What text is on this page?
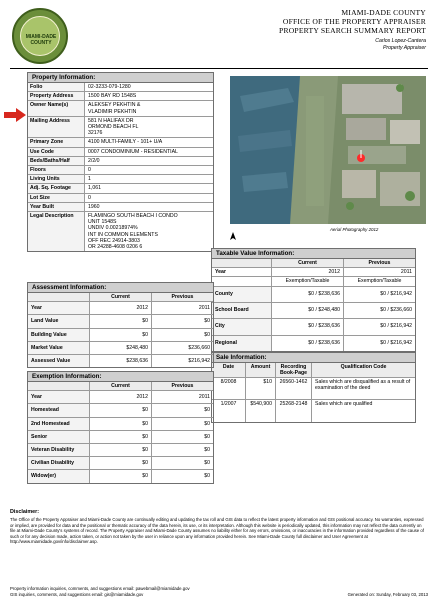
MIAMI-DADE
COUNTY
MIAMI-DADE COUNTY
OFFICE OF THE PROPERTY APPRAISER
PROPERTY SEARCH SUMMARY REPORT
Carlos Lopez-Cantera
Property Appraiser
Property Information:
Folio	02-3233-079-1280
Property Address	1500 BAY RD 1548S
Owner Name(s)	ALEKSEY PEKHTIN &
VLADIMIR PEKHTIN
Mailing Address	581 N HALIFAX DR
ORMOND BEACH FL
32176
Primary Zone	4100 MULTI-FAMILY - 101+ U/A
Use Code	0007 CONDOMINIUM - RESIDENTIAL
Beds/Baths/Half	2/2/0
Floors	0
Living Units	1
Adj. Sq. Footage	1,061
Lot Size	0
Year Built	1960
Legal Description	FLAMINGO SOUTH BEACH I CONDO
UNIT 1548S
UNDIV 0.00218974%
INT IN COMMON ELEMENTS
OFF REC 24914-3803
OR 24288-4608 0206 6
Aerial Photography 2012
Taxable Value Information:
Current	Previous
Year	2012	2011
Exemption/Taxable	Exemption/Taxable
County	$0 / $238,636	$0 / $216,942
School Board	$0 / $248,480	$0 / $236,660
City	$0 / $238,636	$0 / $216,942
Regional	$0 / $238,636	$0 / $216,942
Sale Information:
Date	Amount	Recording
Book-Page
Qualification Code
8/2008	$10	26560-1462	Sales which are disqualified as a result of examination of the deed
1/2007	$540,900	25268-2148	Sales which are qualified
Assessment Information:
Current	Previous
Year	2012	2011
Land Value	$0	$0
Building Value	$0	$0
Market Value	$248,480	$236,660
Assessed Value	$238,636	$216,942
Exemption Information:
Current	Previous
Year	2012	2011
Homestead	$0	$0
2nd Homestead	$0	$0
Senior	$0	$0
Veteran Disability	$0	$0
Civilian Disability	$0	$0
Widow(er)	$0	$0
Disclaimer:
The Office of the Property Appraiser and Miami-Dade County are continually editing and updating the tax roll and GIS data to reflect the latest property information and GIS positional accuracy. No warranties, expressed or implied, are provided for data and the positional or thematic accuracy of the data herein, its use, or its interpretation. Although this website is periodically updated, this information may not reflect the data currently on file at Miami-Dade County's systems of record. The Property Appraiser and Miami-Dade County assumes no liability either for any errors, omissions, or inaccuracies in the information provided regardless of the cause of such or for any decision made, action taken, or action not taken by the user in reliance upon any information provided herein. See Miami-Dade County full disclaimer and User Agreement at http://www.miamidade.gov/info/disclaimer.asp.
Property information inquiries, comments, and suggestions email: pawebmail@miamidade.gov
GIS inquiries, comments, and suggestions email: gis@miamidade.gov	Generated on: Sunday, February 03, 2013
